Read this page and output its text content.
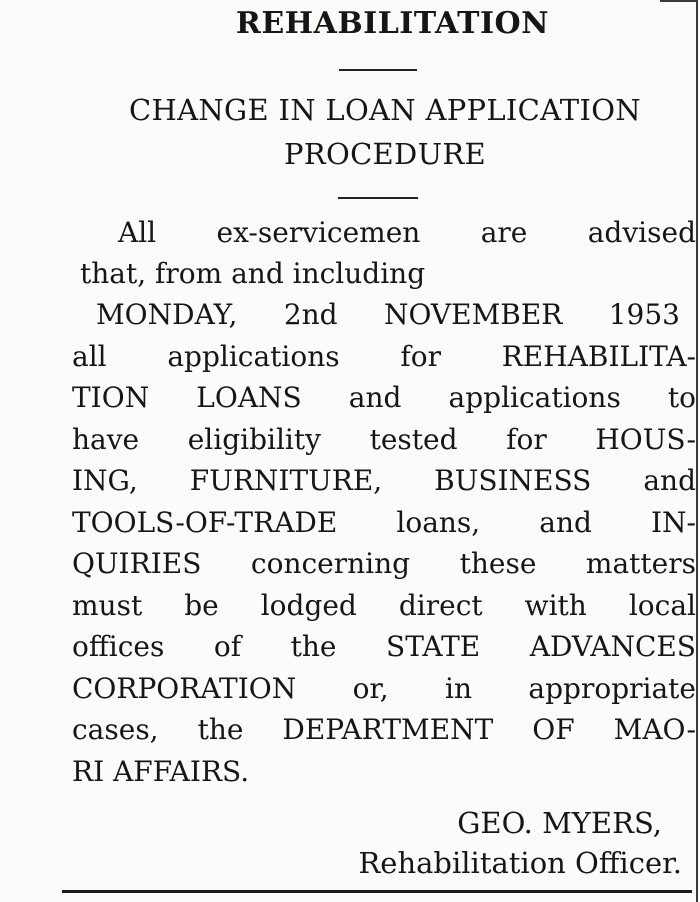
REHABILITATION
CHANGE IN LOAN APPLICATION
PROCEDURE
All ex-servicemen are advised
that, from and including
MONDAY, 2nd NOVEMBER 1953
all applications for REHABILITA-
TION LOANS and applications to
have eligibility tested for HOUS-
ING, FURNITURE, BUSINESS and
TOOLS-OF-TRADE loans, and IN-
QUIRIES concerning these matters
must be lodged direct with local
offices of the STATE ADVANCES
CORPORATION or, in appropriate
cases, the DEPARTMENT OF MAO-
RI AFFAIRS.
GEO. MYERS,
Rehabilitation Officer.
